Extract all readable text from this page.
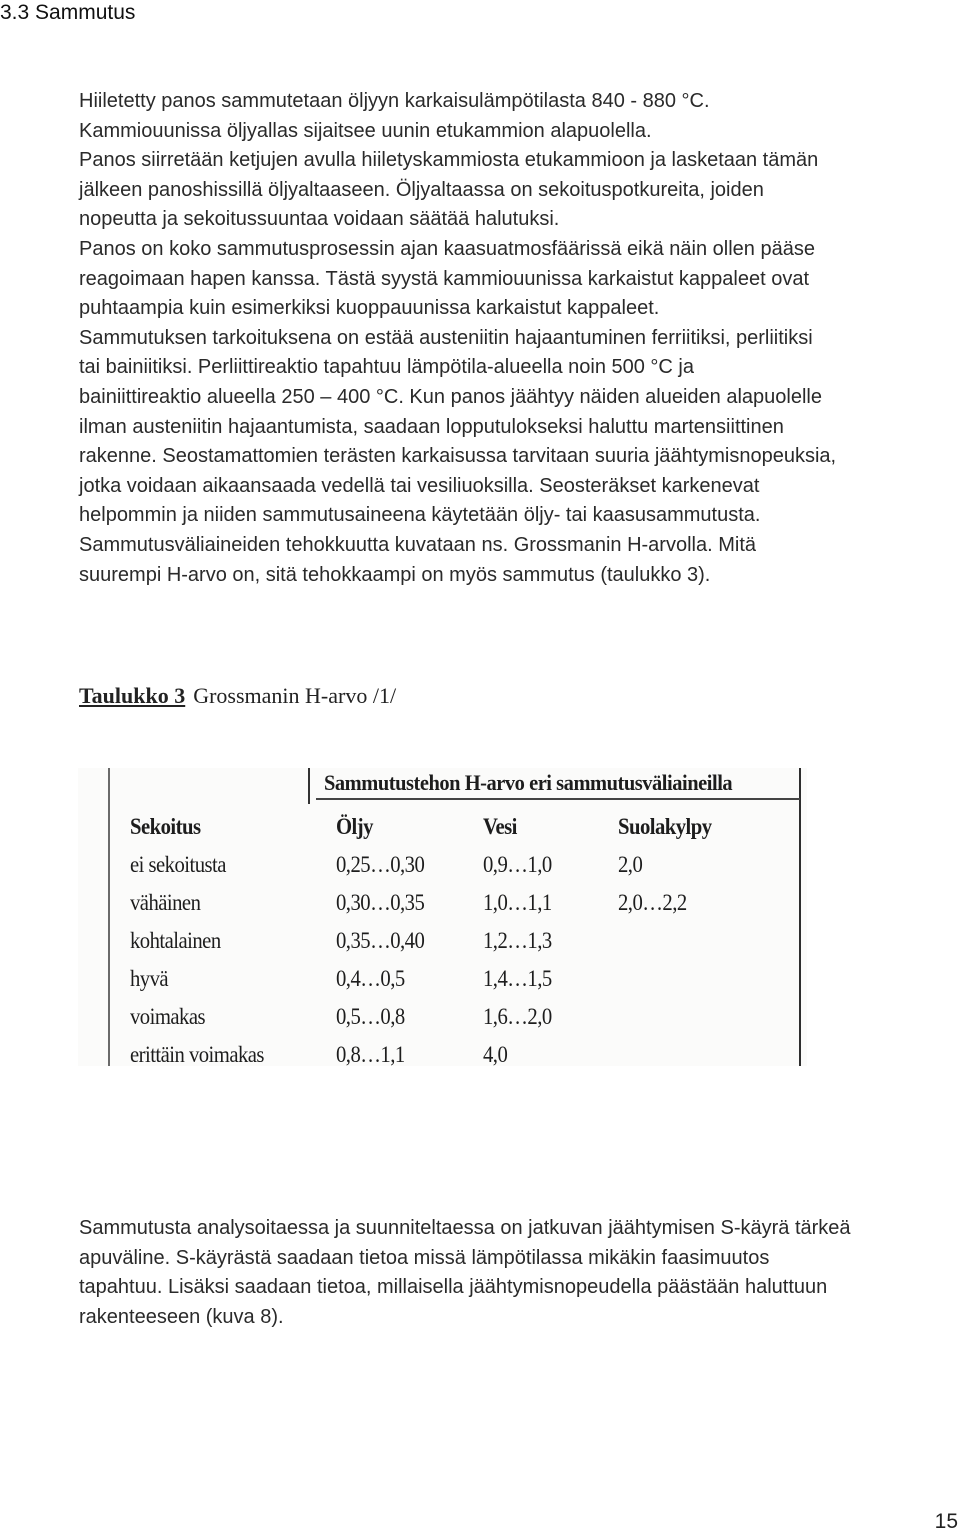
3.3 Sammutus
Hiiletetty panos sammutetaan öljyyn karkaisulämpötilasta 840 - 880 °C.
Kammiouunissa öljyallas sijaitsee uunin etukammion alapuolella.
Panos siirretään ketjujen avulla hiiletyskammiosta etukammioon ja lasketaan tämän
jälkeen panoshissillä öljyaltaaseen. Öljyaltaassa on sekoituspotkureita, joiden
nopeutta ja sekoitussuuntaa voidaan säätää halutuksi.
Panos on koko sammutusprosessin ajan kaasuatmosfäärissä eikä näin ollen pääse
reagoimaan hapen kanssa. Tästä syystä kammiouunissa karkaistut kappaleet ovat
puhtaampia kuin esimerkiksi kuoppauunissa karkaistut kappaleet.
Sammutuksen tarkoituksena on estää austeniitin hajaantuminen ferriitiksi, perliitiksi
tai bainiitiksi. Perliittireaktio tapahtuu lämpötila-alueella noin 500 °C ja
bainiittireaktio alueella 250 – 400 °C. Kun panos jäähtyy näiden alueiden alapuolelle
ilman austeniitin hajaantumista, saadaan lopputulokseksi haluttu martensiittinen
rakenne. Seostamattomien terästen karkaisussa tarvitaan suuria jäähtymisnopeuksia,
jotka voidaan aikaansaada vedellä tai vesiliuoksilla. Seosteräkset karkenevat
helpommin ja niiden sammutusaineena käytetään öljy- tai kaasusammutusta.
Sammutusväliaineiden tehokkuutta kuvataan ns. Grossmanin H-arvolla. Mitä
suurempi H-arvo on, sitä tehokkaampi on myös sammutus (taulukko 3).
Taulukko 3 Grossmanin H-arvo /1/
Sammutustehon H-arvo eri sammutusväliaineilla
Sekoitus	Öljy	Vesi	Suolakylpy
ei sekoitusta	0,25…0,30	0,9…1,0	2,0
vähäinen	0,30…0,35	1,0…1,1	2,0…2,2
kohtalainen	0,35…0,40	1,2…1,3
hyvä	0,4…0,5	1,4…1,5
voimakas	0,5…0,8	1,6…2,0
erittäin voimakas	0,8…1,1	4,0
Sammutusta analysoitaessa ja suunniteltaessa on jatkuvan jäähtymisen S-käyrä tärkeä
apuväline. S-käyrästä saadaan tietoa missä lämpötilassa mikäkin faasimuutos
tapahtuu. Lisäksi saadaan tietoa, millaisella jäähtymisnopeudella päästään haluttuun
rakenteeseen (kuva 8).
15
